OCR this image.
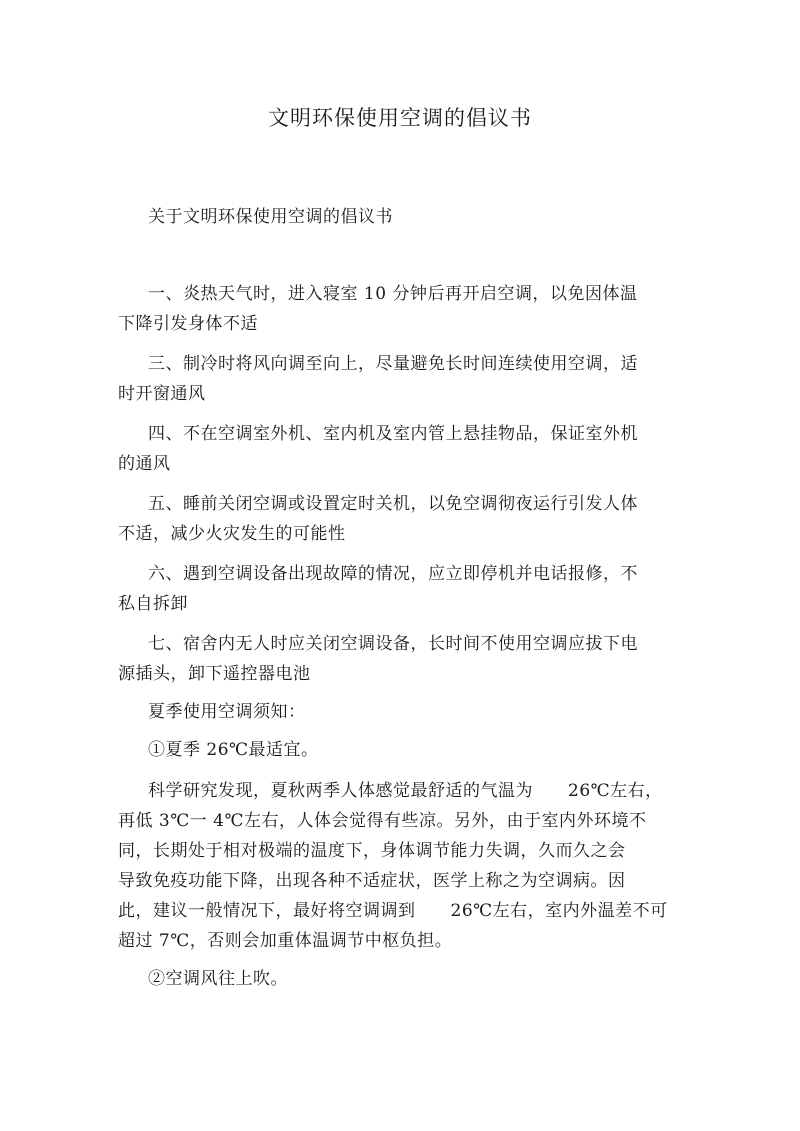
文明环保使用空调的倡议书

关于文明环保使用空调的倡议书

一、炎热天气时，进入寝室 10 分钟后再开启空调，以免因体温
下降引发身体不适

三、制冷时将风向调至向上，尽量避免长时间连续使用空调，适
时开窗通风

四、不在空调室外机、室内机及室内管上悬挂物品，保证室外机
的通风

五、睡前关闭空调或设置定时关机，以免空调彻夜运行引发人体
不适，减少火灾发生的可能性

六、遇到空调设备出现故障的情况，应立即停机并电话报修，不
私自拆卸

七、宿舍内无人时应关闭空调设备，长时间不使用空调应拔下电
源插头，卸下遥控器电池

夏季使用空调须知：

①夏季 26℃最适宜。

科学研究发现，夏秋两季人体感觉最舒适的气温为　　26℃左右，
再低 3℃一 4℃左右，人体会觉得有些凉。另外，由于室内外环境不
同，长期处于相对极端的温度下，身体调节能力失调，久而久之会
导致免疫功能下降，出现各种不适症状，医学上称之为空调病。因
此，建议一般情况下，最好将空调调到　　26℃左右，室内外温差不可
超过 7℃，否则会加重体温调节中枢负担。

②空调风往上吹。
